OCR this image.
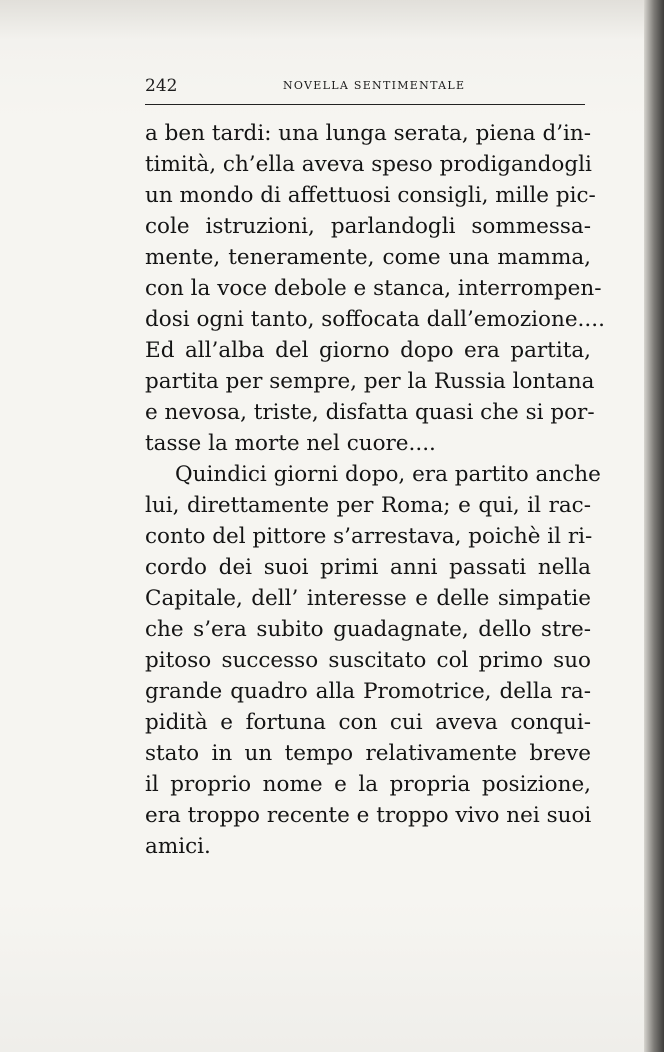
242	NOVELLA SENTIMENTALE
a ben tardi: una lunga serata, piena d’in-
timità, ch’ella aveva speso prodigandogli
un mondo di affettuosi consigli, mille pic-
cole istruzioni, parlandogli sommessa-
mente, teneramente, come una mamma,
con la voce debole e stanca, interrompen-
dosi ogni tanto, soffocata dall’emozione....
Ed all’alba del giorno dopo era partita,
partita per sempre, per la Russia lontana
e nevosa, triste, disfatta quasi che si por-
tasse la morte nel cuore....
Quindici giorni dopo, era partito anche
lui, direttamente per Roma; e qui, il rac-
conto del pittore s’arrestava, poichè il ri-
cordo dei suoi primi anni passati nella
Capitale, dell’ interesse e delle simpatie
che s’era subito guadagnate, dello stre-
pitoso successo suscitato col primo suo
grande quadro alla Promotrice, della ra-
pidità e fortuna con cui aveva conqui-
stato in un tempo relativamente breve
il proprio nome e la propria posizione,
era troppo recente e troppo vivo nei suoi
amici.
